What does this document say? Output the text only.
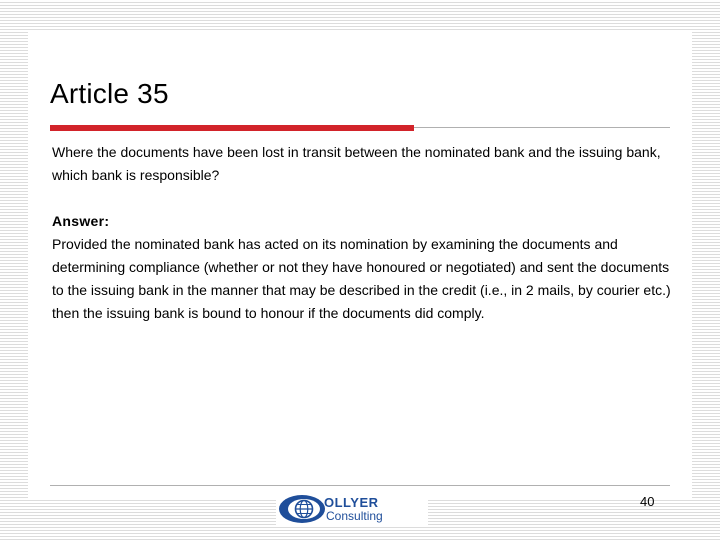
Article 35

Where the documents have been lost in transit between the nominated bank and the issuing bank, which bank is responsible?

Answer:

Provided the nominated bank has acted on its nomination by examining the documents and determining compliance (whether or not they have honoured or negotiated) and sent the documents to the issuing bank in the manner that may be described in the credit (i.e., in 2 mails, by courier etc.) then the issuing bank is bound to honour if the documents did comply.

OLLYER
Consulting

40
